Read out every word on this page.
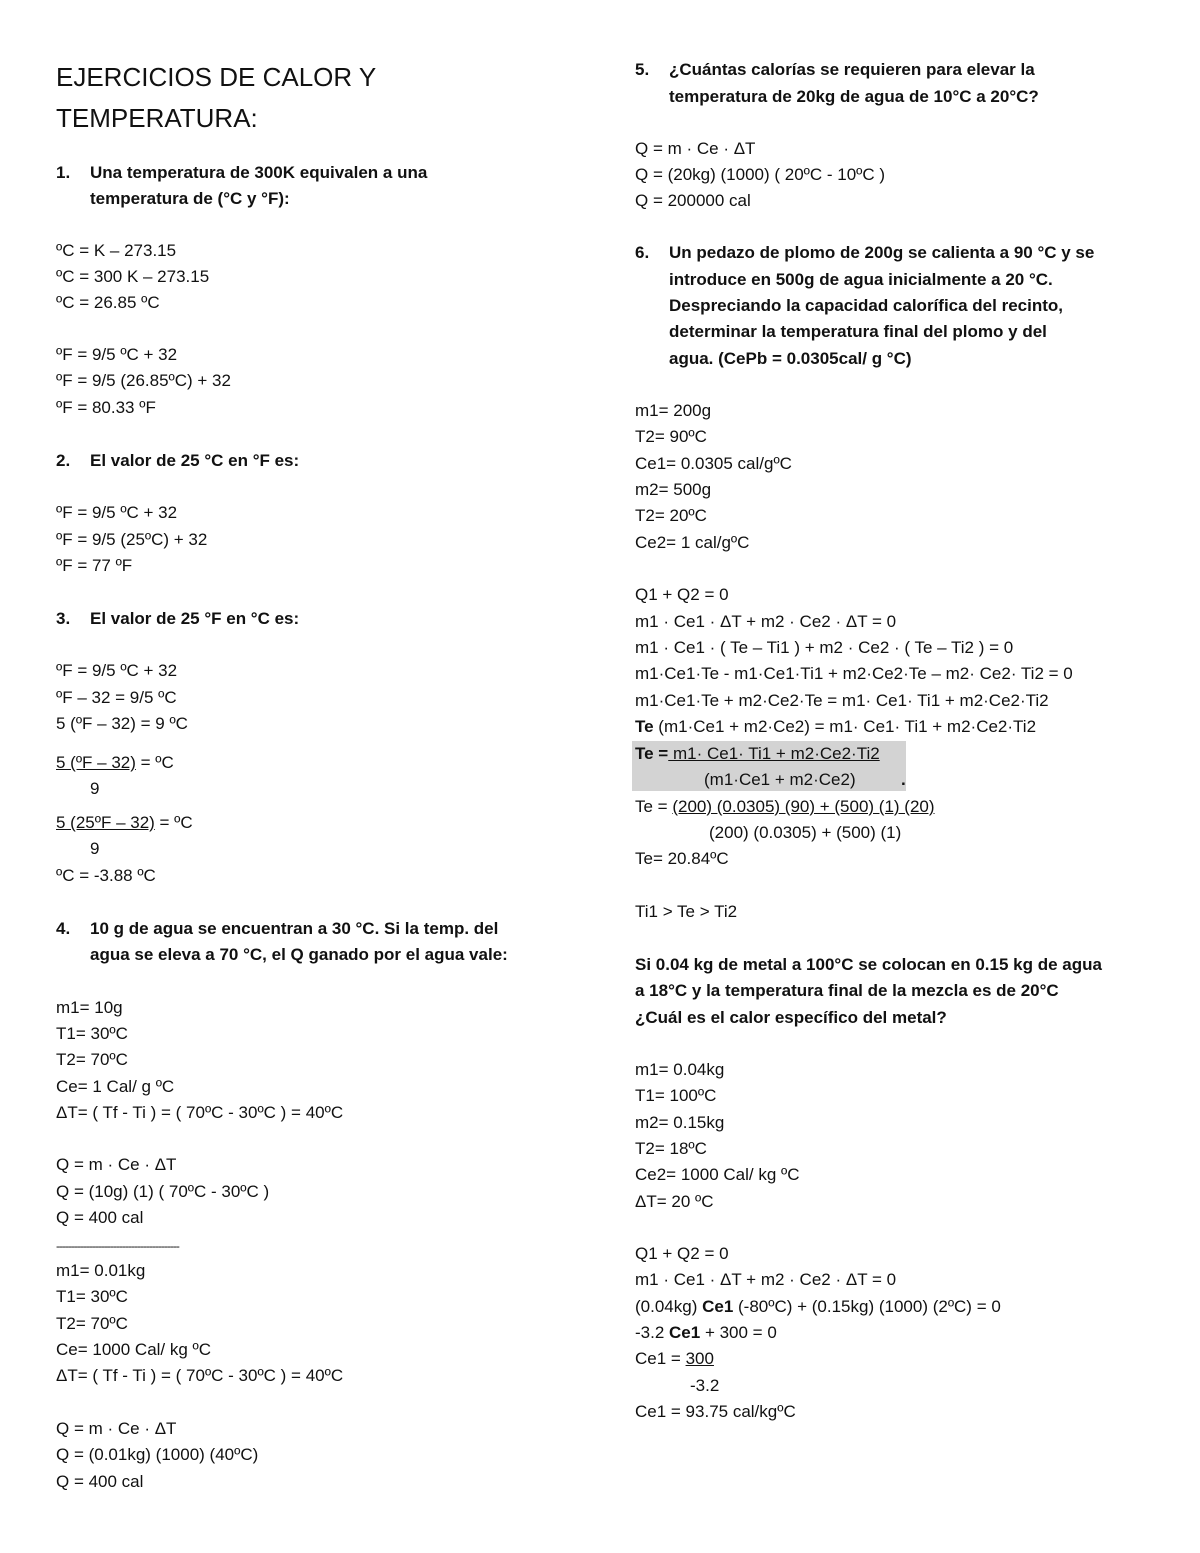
EJERCICIOS DE CALOR Y
TEMPERATURA:
1. Una temperatura de 300K equivalen a una
temperatura de (°C y °F):
ºC = K – 273.15
ºC = 300 K – 273.15
ºC = 26.85 ºC
ºF = 9/5 ºC + 32
ºF = 9/5 (26.85ºC) + 32
ºF = 80.33 ºF
2. El valor de 25 °C en °F es:
ºF = 9/5 ºC + 32
ºF = 9/5 (25ºC) + 32
ºF = 77 ºF
3. El valor de 25 °F en °C es:
ºF = 9/5 ºC + 32
ºF – 32 = 9/5 ºC
5 (ºF – 32) = 9 ºC
5 (ºF – 32) = ºC
9
5 (25ºF – 32) = ºC
9
ºC = -3.88 ºC
4. 10 g de agua se encuentran a 30 °C. Si la temp. del
agua se eleva a 70 °C, el Q ganado por el agua vale:
m1= 10g
T1= 30ºC
T2= 70ºC
Ce= 1 Cal/ g ºC
ΔT= ( Tf - Ti ) = ( 70ºC - 30ºC ) = 40ºC
Q = m · Ce · ΔT
Q = (10g) (1) ( 70ºC - 30ºC )
Q = 400 cal
-----------------------------------------
m1= 0.01kg
T1= 30ºC
T2= 70ºC
Ce= 1000 Cal/ kg ºC
ΔT= ( Tf - Ti ) = ( 70ºC - 30ºC ) = 40ºC
Q = m · Ce · ΔT
Q = (0.01kg) (1000) (40ºC)
Q = 400 cal
5. ¿Cuántas calorías se requieren para elevar la
temperatura de 20kg de agua de 10°C a 20°C?
Q = m · Ce · ΔT
Q = (20kg) (1000) ( 20ºC - 10ºC )
Q = 200000 cal
6. Un pedazo de plomo de 200g se calienta a 90 °C y se
introduce en 500g de agua inicialmente a 20 °C.
Despreciando la capacidad calorífica del recinto,
determinar la temperatura final del plomo y del
agua. (CePb = 0.0305cal/ g °C)
m1= 200g
T2= 90ºC
Ce1= 0.0305 cal/gºC
m2= 500g
T2= 20ºC
Ce2= 1 cal/gºC
Q1 + Q2 = 0
m1 · Ce1 · ΔT + m2 · Ce2 · ΔT = 0
m1 · Ce1 · ( Te – Ti1 ) + m2 · Ce2 · ( Te – Ti2 ) = 0
m1·Ce1·Te - m1·Ce1·Ti1 + m2·Ce2·Te – m2· Ce2· Ti2 = 0
m1·Ce1·Te + m2·Ce2·Te = m1· Ce1· Ti1 + m2·Ce2·Ti2
Te (m1·Ce1 + m2·Ce2) = m1· Ce1· Ti1 + m2·Ce2·Ti2
Te = m1· Ce1· Ti1 + m2·Ce2·Ti2
(m1·Ce1 + m2·Ce2)	.
Te = (200) (0.0305) (90) + (500) (1) (20)
(200) (0.0305) + (500) (1)
Te= 20.84ºC
Ti1 > Te > Ti2
Si 0.04 kg de metal a 100°C se colocan en 0.15 kg de agua
a 18°C y la temperatura final de la mezcla es de 20°C
¿Cuál es el calor específico del metal?
m1= 0.04kg
T1= 100ºC
m2= 0.15kg
T2= 18ºC
Ce2= 1000 Cal/ kg ºC
ΔT= 20 ºC
Q1 + Q2 = 0
m1 · Ce1 · ΔT + m2 · Ce2 · ΔT = 0
(0.04kg) Ce1 (-80ºC) + (0.15kg) (1000) (2ºC) = 0
-3.2 Ce1 + 300 = 0
Ce1 = 300
-3.2
Ce1 = 93.75 cal/kgºC
